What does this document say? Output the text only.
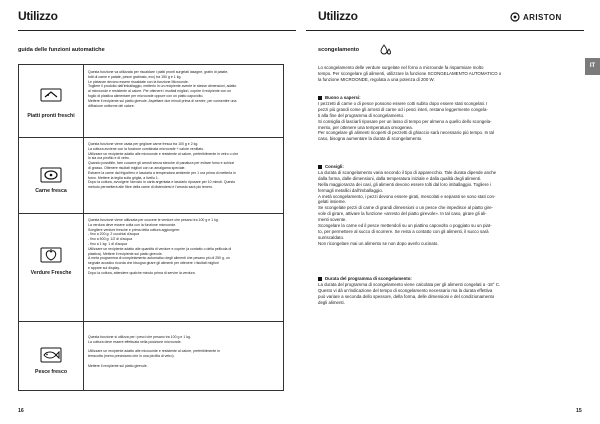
Utilizzo
guida delle funzioni automatiche
Piatti pronti freschi

Questa funzione va utilizzata per riscaldare i piatti pronti surgelati lasagne, gratin di patate,

tutti di carne e patate, pesce gratinato, ecc) tra 150 g e 1 kg.

Le pietanze devono essere riscaldate con la funzione Microonde.

Togliere il prodotto dall'imballaggio, metterlo in un recipiente avente le stesse dimensioni, adatto

al microonde e resistente al calore. Per ottenere i risultati migliori, coprire il recipiente con un

foglio di plastica alimentare per microonde oppure con un piatto capovolto.

Mettere il recipiente sul piatto girevole. Aspettare due minuti prima di servire, per consentire una

diffusione uniforme del calore.

Carne fresca

Questa funzione viene usata per grigliare carne fresca tra 100 g e 2 kg.

La cottura avviene con la funzione combinata microonde + calore ventilato.

Utilizzare un recipiente adatto alle microonde e resistente al calore, preferibilmente in vetro o che

lo sia ora pirofilo e di vetro.

Quando possibile, fare cuocere gli arrosti senza stecche di panatura per evitare fumo e schizzi

di grasso. Ottenere risultati migliori con un amalgama speciale.

Estrarre la carne dal frigorifero e lasciarla a temperatura ambiente per 1 ora prima di metterla in

forno. Mettere la teglia sulla griglia, a livello 1.

Dopo la cottura, avvolgere l'arrosto in carta argentata e lasciarlo riposare per 10 minuti. Questo

metodo permetterà alle fibre della carne di distendersi e l'arrosto sarà più tenero.

Verdure Fresche

Questa funzione viene utilizzata per cuocere le verdure che pesano tra 100 g e 1 kg.

La verdura deve essere cotta con la funzione microonde.

Scegliere verdure fresche e prima della cottura aggiungere:

- fino a 200 g: 2 cucchiai d'acqua

- fino a 500 g: 1/2 di d'acqua

- fino a 1 kg: 1 dl d'acqua

Utilizzare un recipiente adatto alle quantità di verdure e coprire (a contatto o della pellicola di

plastica). Mettere il recipiente sul piatto girevole.

A metà programma di completamento automatico degli alimenti che pesano più di 250 g, un

segnale acustico ricorda che bisogna girare gli alimenti per ottenere i risultati migliori

e appare sul display.

Dopo la cottura, attendere qualche minuto prima di servire la verdura.

Pesce fresco

Questa funzione si utilizza per i pesci che pesano tra 100 g e 1 kg.

La cottura deve essere effettuata nella posizione microonde.

Utilizzare un recipiente adatto alle microonde e resistente al calore, preferibilmente in

terracotta (meno precisiamo che in una pirofila di vetro).

Mettere il recipiente sul piatto girevole.

16
Utilizzo
scongelamento

Lo scongelamento delle verdure surgelate nel forno a microonde fa risparmiare molto

tempo. Per scongelare gli alimenti, utilizzare la funzione SCONGELAMENTO AUTOMATICO o

la funzione MICROONDE, regolata a una potenza di 200 W.

Buono a sapersi:

I pezzetti di carne o di pesce possono essere cotti subito dopo essere stati scongelati. I

pezzi più grandi come gli arrosti di carne od i pesci interi, restano leggermente congela-

ti alla fine del programma di scongelamento.

Si consiglia di lasciarli riposare per un lasso di tempo per almeno a quello dello scongela-

mento, per ottenere una temperatura omogenea.

Per scongelare gli alimenti ricoperti di pezzetti di ghiaccio sarà necessario più tempo. In tal

caso, bisogna aumentare la durata di scongelamento.

Consigli:

La durata di scongelamento varia secondo il tipo di apparecchio. Tale durata dipende anche

dalla forma, dalle dimensioni, dalla temperatura iniziale e dalla qualità degli alimenti.

Nella maggioranza dei casi, gli alimenti devono essere tolti dal loro imballaggio. Togliere i

fermagli metallici dall'imballaggio.

A metà scongelamento, i pezzi devono essere girati, mescolati e separati se sono stati con-

gelati insieme.

Se scongelate pezzi di carne di grandi dimensioni o un pesce che impedisce al piatto gire-

vole di girare, attivare la funzione «arresto del piatto girevole». In tal caso, girare gli ali-

menti sovente.

Scongelare la carne ed il pesce mettendoli su un piattino capovolto o poggiato su un piat-

to, per permettere al succo di scorrere. Se resta a contatto con gli alimenti, il succo sarà

surriscaldato.

Non ricongelare mai un alimento se non dopo averlo cucinato.

Durata del programma di scongelamento:

La durata del programma di scongelamento viene calcolata per gli alimenti congelati a -18° C.

Questo vi dà un'indicazione del tempo di scongelamento necessario ma la durata effettiva

può variare a seconda dello spessore, della forma, delle dimensioni e del condizionamento

degli alimenti.

15
ARISTON
IT
